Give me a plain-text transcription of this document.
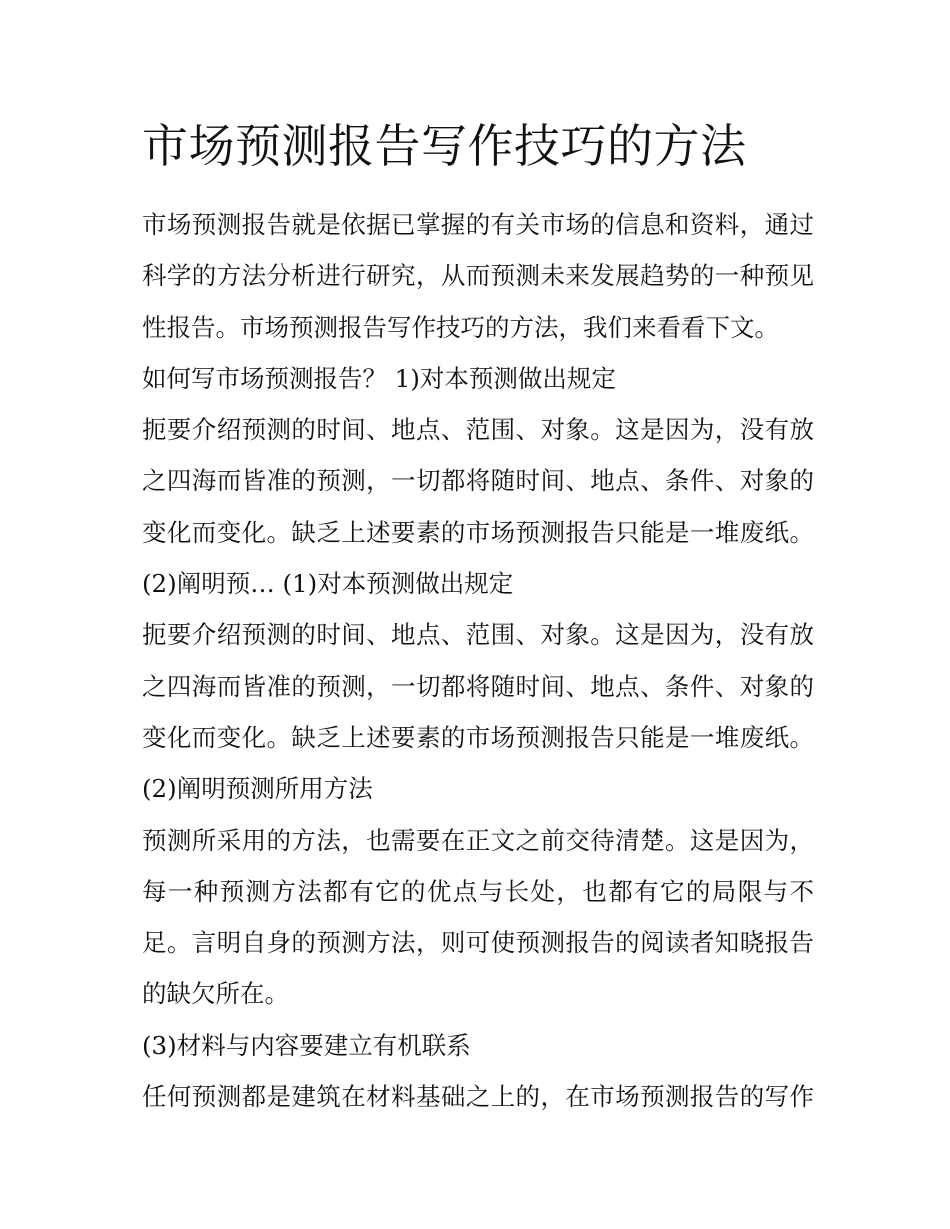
市场预测报告写作技巧的方法
市场预测报告就是依据已掌握的有关市场的信息和资料，通过
科学的方法分析进行研究，从而预测未来发展趋势的一种预见
性报告。市场预测报告写作技巧的方法，我们来看看下文。
如何写市场预测报告？ 1)对本预测做出规定
扼要介绍预测的时间、地点、范围、对象。这是因为，没有放
之四海而皆准的预测，一切都将随时间、地点、条件、对象的
变化而变化。缺乏上述要素的市场预测报告只能是一堆废纸。
(2)阐明预… (1)对本预测做出规定
扼要介绍预测的时间、地点、范围、对象。这是因为，没有放
之四海而皆准的预测，一切都将随时间、地点、条件、对象的
变化而变化。缺乏上述要素的市场预测报告只能是一堆废纸。
(2)阐明预测所用方法
预测所采用的方法，也需要在正文之前交待清楚。这是因为，
每一种预测方法都有它的优点与长处，也都有它的局限与不
足。言明自身的预测方法，则可使预测报告的阅读者知晓报告
的缺欠所在。
(3)材料与内容要建立有机联系
任何预测都是建筑在材料基础之上的，在市场预测报告的写作
